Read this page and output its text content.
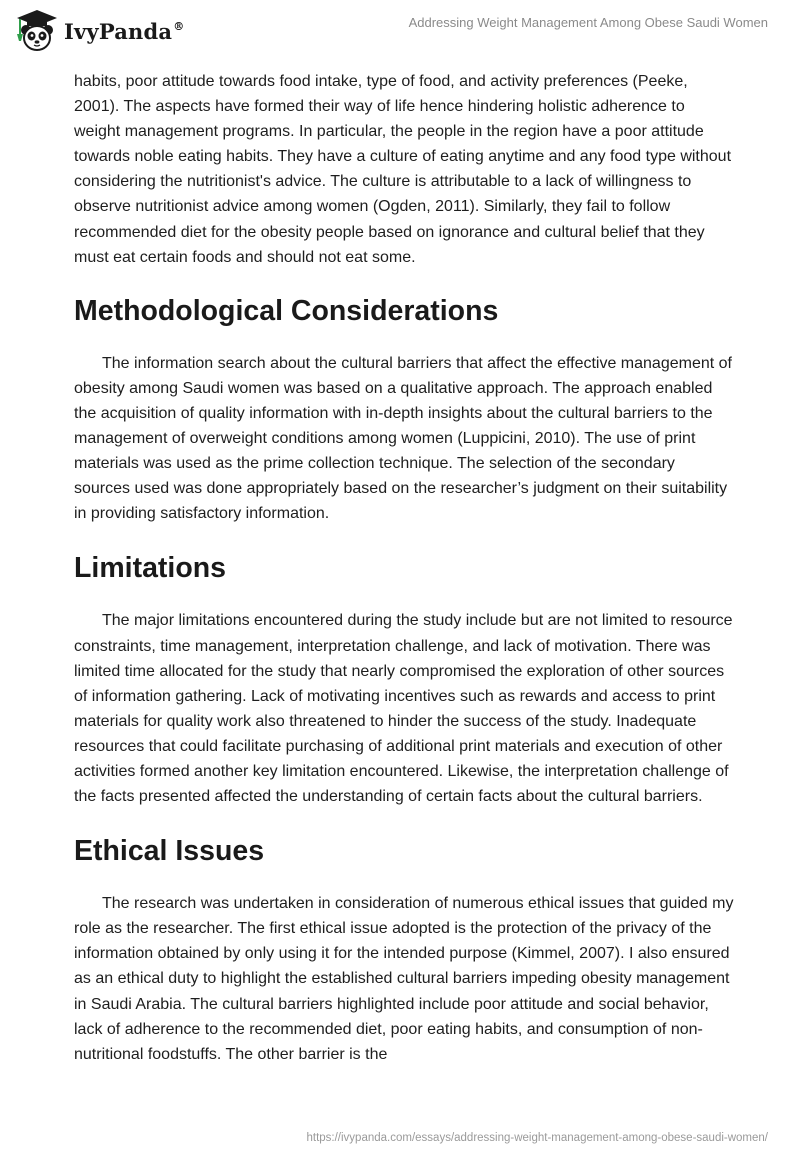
IvyPanda®	Addressing Weight Management Among Obese Saudi Women

habits, poor attitude towards food intake, type of food, and activity preferences (Peeke, 2001). The aspects have formed their way of life hence hindering holistic adherence to weight management programs. In particular, the people in the region have a poor attitude towards noble eating habits. They have a culture of eating anytime and any food type without considering the nutritionist's advice. The culture is attributable to a lack of willingness to observe nutritionist advice among women (Ogden, 2011). Similarly, they fail to follow recommended diet for the obesity people based on ignorance and cultural belief that they must eat certain foods and should not eat some.

Methodological Considerations

The information search about the cultural barriers that affect the effective management of obesity among Saudi women was based on a qualitative approach. The approach enabled the acquisition of quality information with in-depth insights about the cultural barriers to the management of overweight conditions among women (Luppicini, 2010). The use of print materials was used as the prime collection technique. The selection of the secondary sources used was done appropriately based on the researcher’s judgment on their suitability in providing satisfactory information.

Limitations

The major limitations encountered during the study include but are not limited to resource constraints, time management, interpretation challenge, and lack of motivation. There was limited time allocated for the study that nearly compromised the exploration of other sources of information gathering. Lack of motivating incentives such as rewards and access to print materials for quality work also threatened to hinder the success of the study. Inadequate resources that could facilitate purchasing of additional print materials and execution of other activities formed another key limitation encountered. Likewise, the interpretation challenge of the facts presented affected the understanding of certain facts about the cultural barriers.

Ethical Issues

The research was undertaken in consideration of numerous ethical issues that guided my role as the researcher. The first ethical issue adopted is the protection of the privacy of the information obtained by only using it for the intended purpose (Kimmel, 2007). I also ensured as an ethical duty to highlight the established cultural barriers impeding obesity management in Saudi Arabia. The cultural barriers highlighted include poor attitude and social behavior, lack of adherence to the recommended diet, poor eating habits, and consumption of non-nutritional foodstuffs. The other barrier is the

https://ivypanda.com/essays/addressing-weight-management-among-obese-saudi-women/
